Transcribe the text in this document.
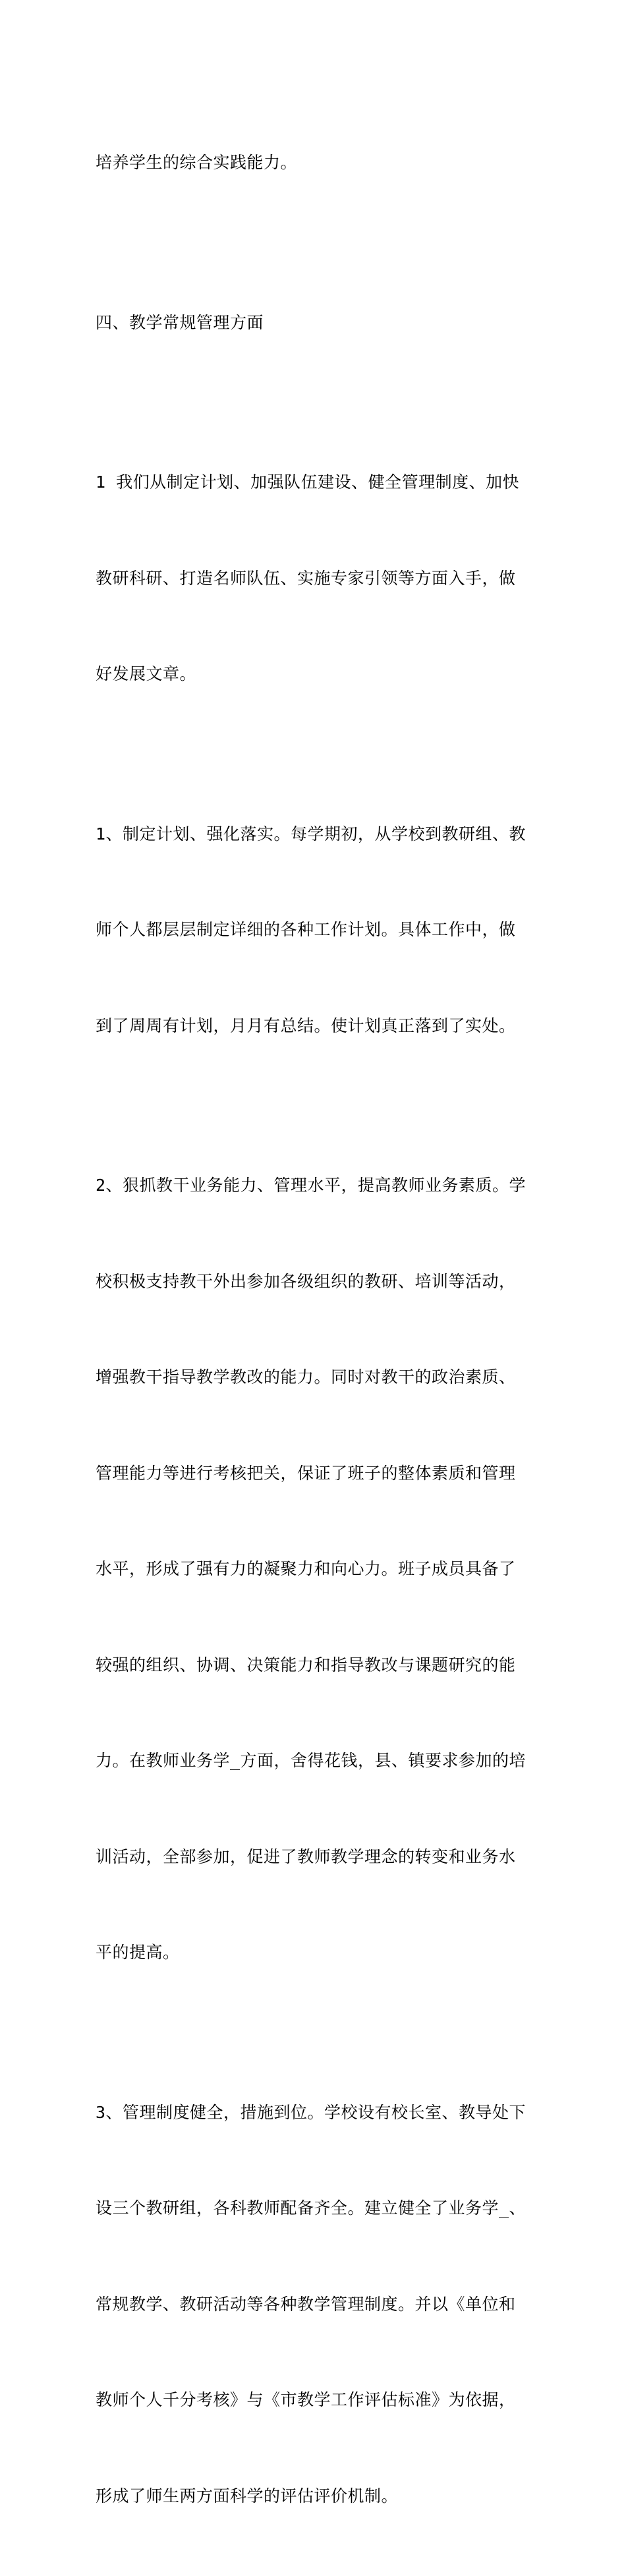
培养学生的综合实践能力。

四、教学常规管理方面

1 我们从制定计划、加强队伍建设、健全管理制度、加快

教研科研、打造名师队伍、实施专家引领等方面入手，做

好发展文章。

1、制定计划、强化落实。每学期初，从学校到教研组、教

师个人都层层制定详细的各种工作计划。具体工作中，做

到了周周有计划，月月有总结。使计划真正落到了实处。

2、狠抓教干业务能力、管理水平，提高教师业务素质。学

校积极支持教干外出参加各级组织的教研、培训等活动，

增强教干指导教学教改的能力。同时对教干的政治素质、

管理能力等进行考核把关，保证了班子的整体素质和管理

水平，形成了强有力的凝聚力和向心力。班子成员具备了

较强的组织、协调、决策能力和指导教改与课题研究的能

力。在教师业务学_方面，舍得花钱，县、镇要求参加的培

训活动，全部参加，促进了教师教学理念的转变和业务水

平的提高。

3、管理制度健全，措施到位。学校设有校长室、教导处下

设三个教研组，各科教师配备齐全。建立健全了业务学_、

常规教学、教研活动等各种教学管理制度。并以《单位和

教师个人千分考核》与《市教学工作评估标准》为依据，

形成了师生两方面科学的评估评价机制。
